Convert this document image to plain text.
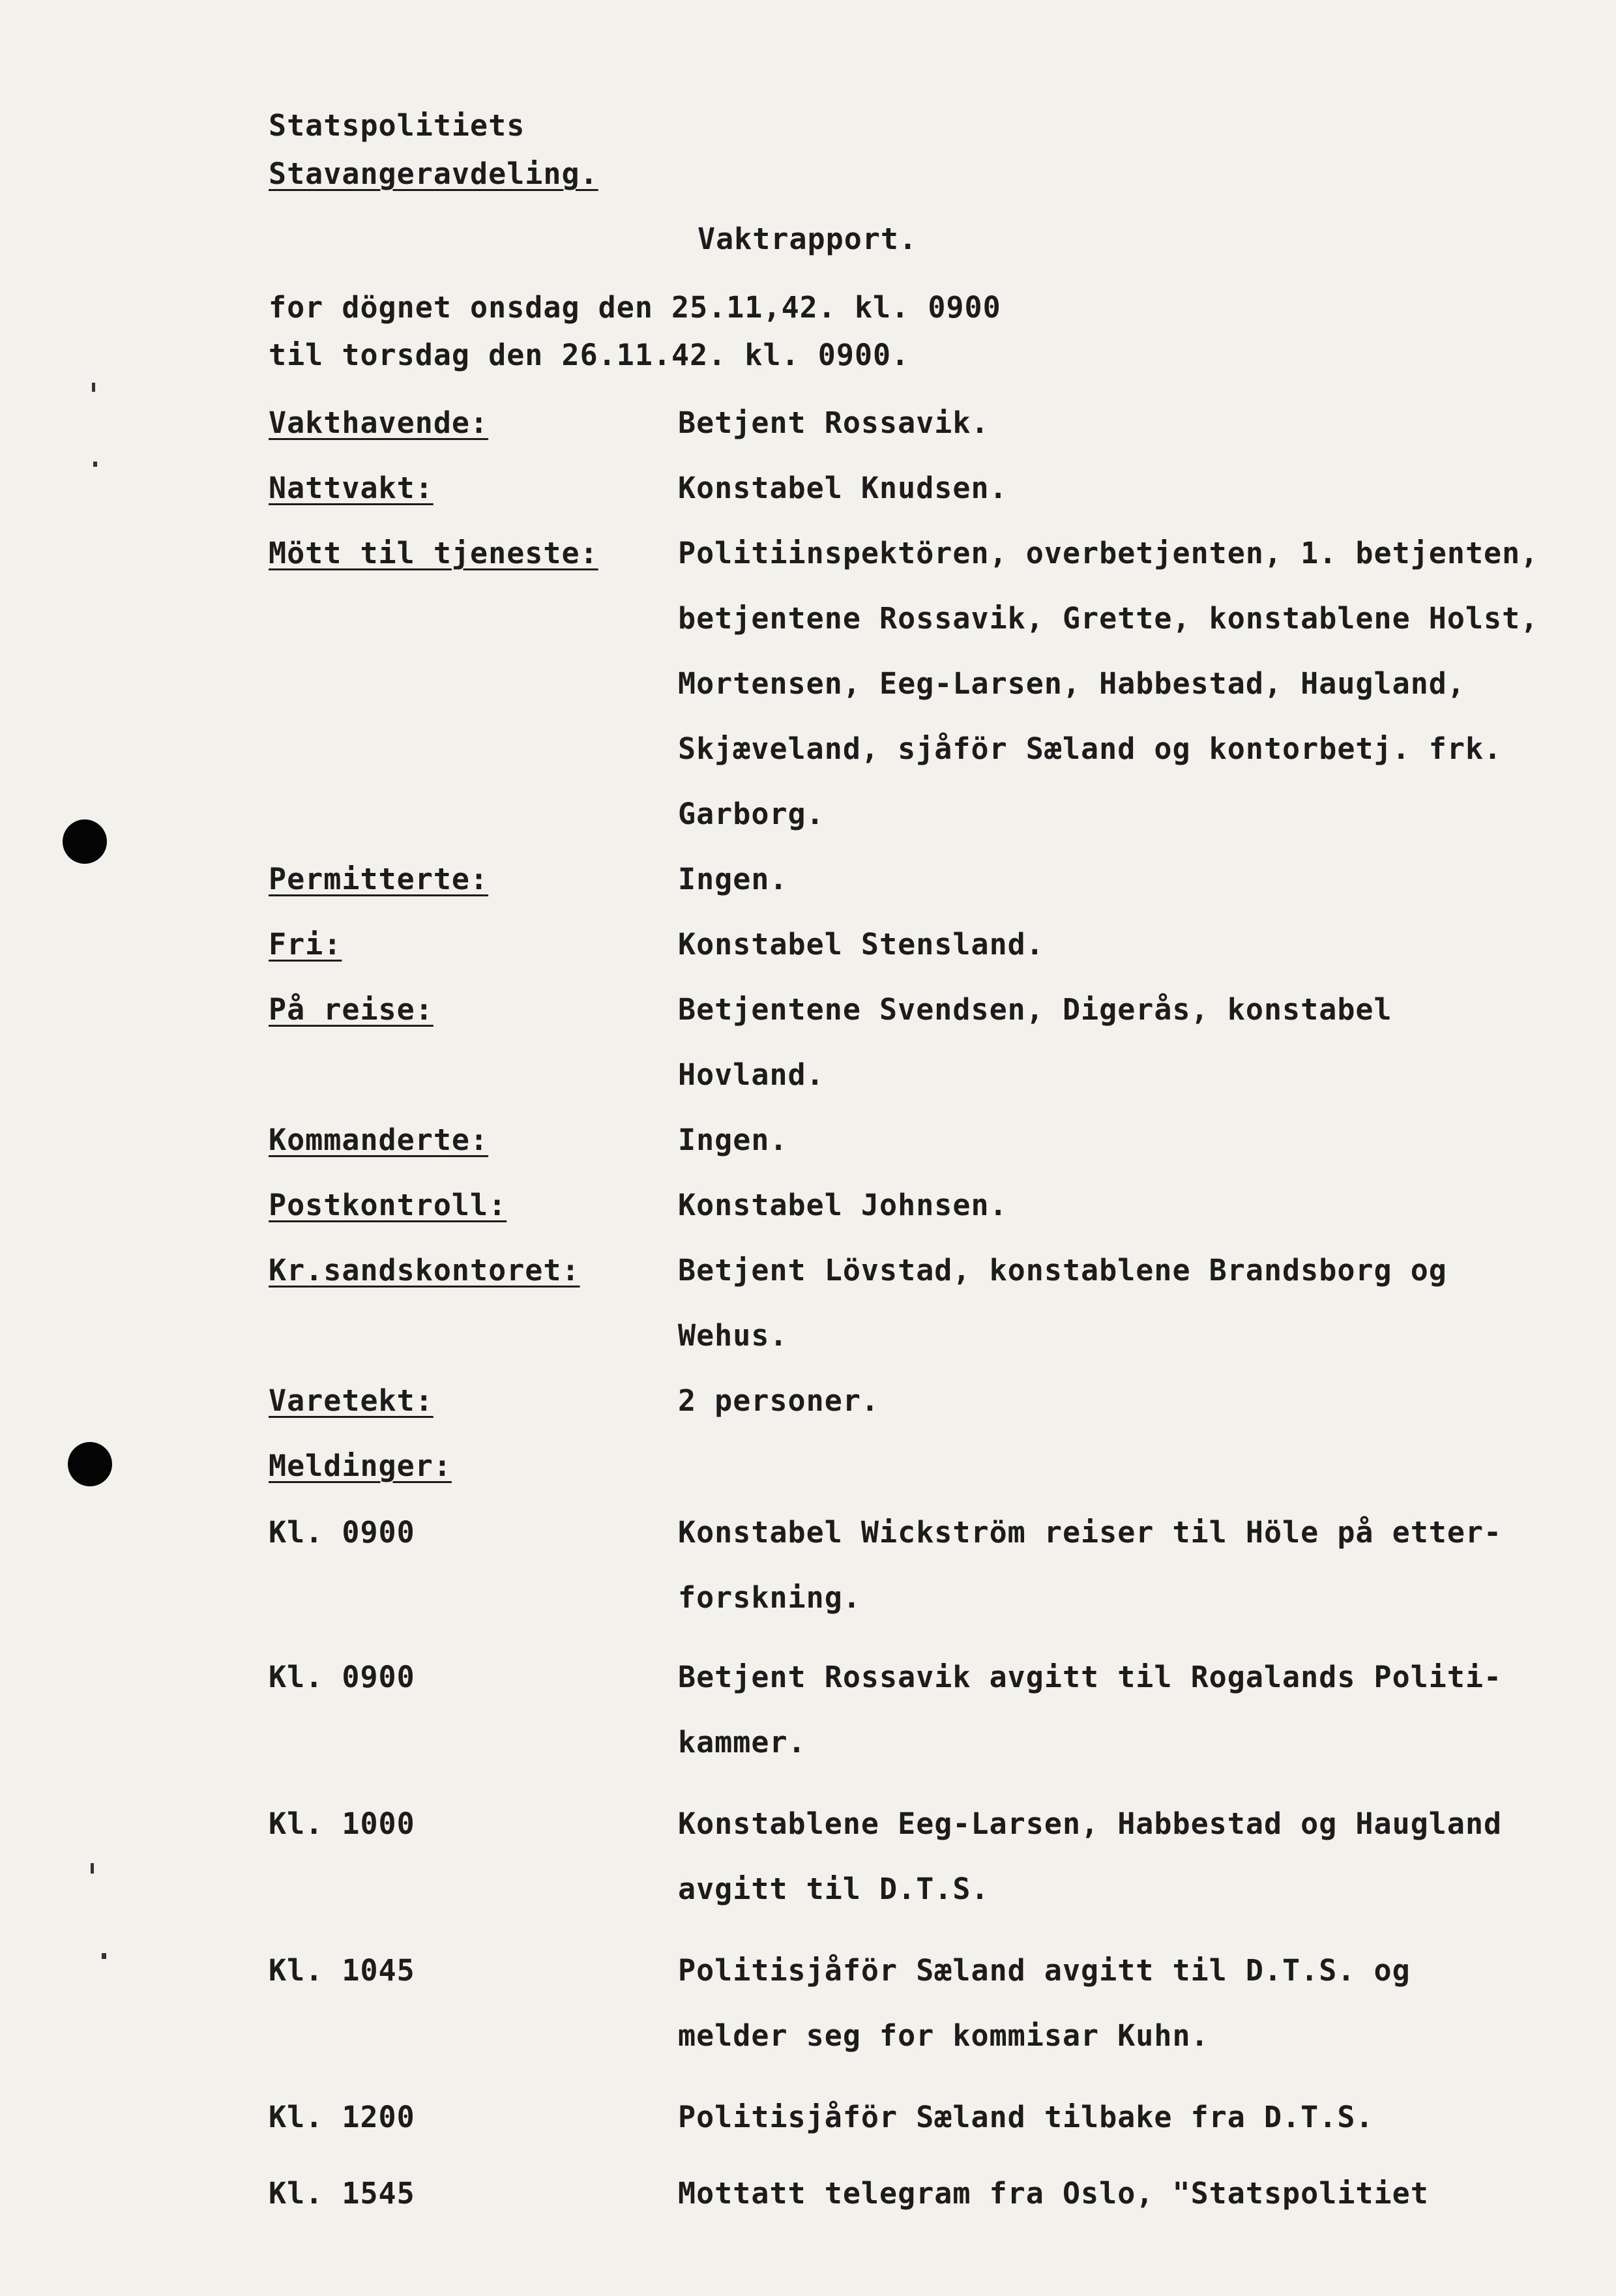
Statspolitiets
Stavangeravdeling.
Vaktrapport.
for dögnet onsdag den 25.11,42. kl. 0900
til torsdag den 26.11.42. kl. 0900.
Vakthavende:	Betjent Rossavik.
Nattvakt:	Konstabel Knudsen.
Mött til tjeneste:	Politiinspektören, overbetjenten, 1. betjenten,
betjentene Rossavik, Grette, konstablene Holst,
Mortensen, Eeg-Larsen, Habbestad, Haugland,
Skjæveland, sjåför Sæland og kontorbetj. frk.
Garborg.
Permitterte:	Ingen.
Fri:	Konstabel Stensland.
På reise:	Betjentene Svendsen, Digerås, konstabel
Hovland.
Kommanderte:	Ingen.
Postkontroll:	Konstabel Johnsen.
Kr.sandskontoret:	Betjent Lövstad, konstablene Brandsborg og
Wehus.
Varetekt:	2 personer.
Meldinger:
Kl. 0900	Konstabel Wickström reiser til Höle på etter-
forskning.
Kl. 0900	Betjent Rossavik avgitt til Rogalands Politi-
kammer.
Kl. 1000	Konstablene Eeg-Larsen, Habbestad og Haugland
avgitt til D.T.S.
Kl. 1045	Politisjåför Sæland avgitt til D.T.S. og
melder seg for kommisar Kuhn.
Kl. 1200	Politisjåför Sæland tilbake fra D.T.S.
Kl. 1545	Mottatt telegram fra Oslo, "Statspolitiet
